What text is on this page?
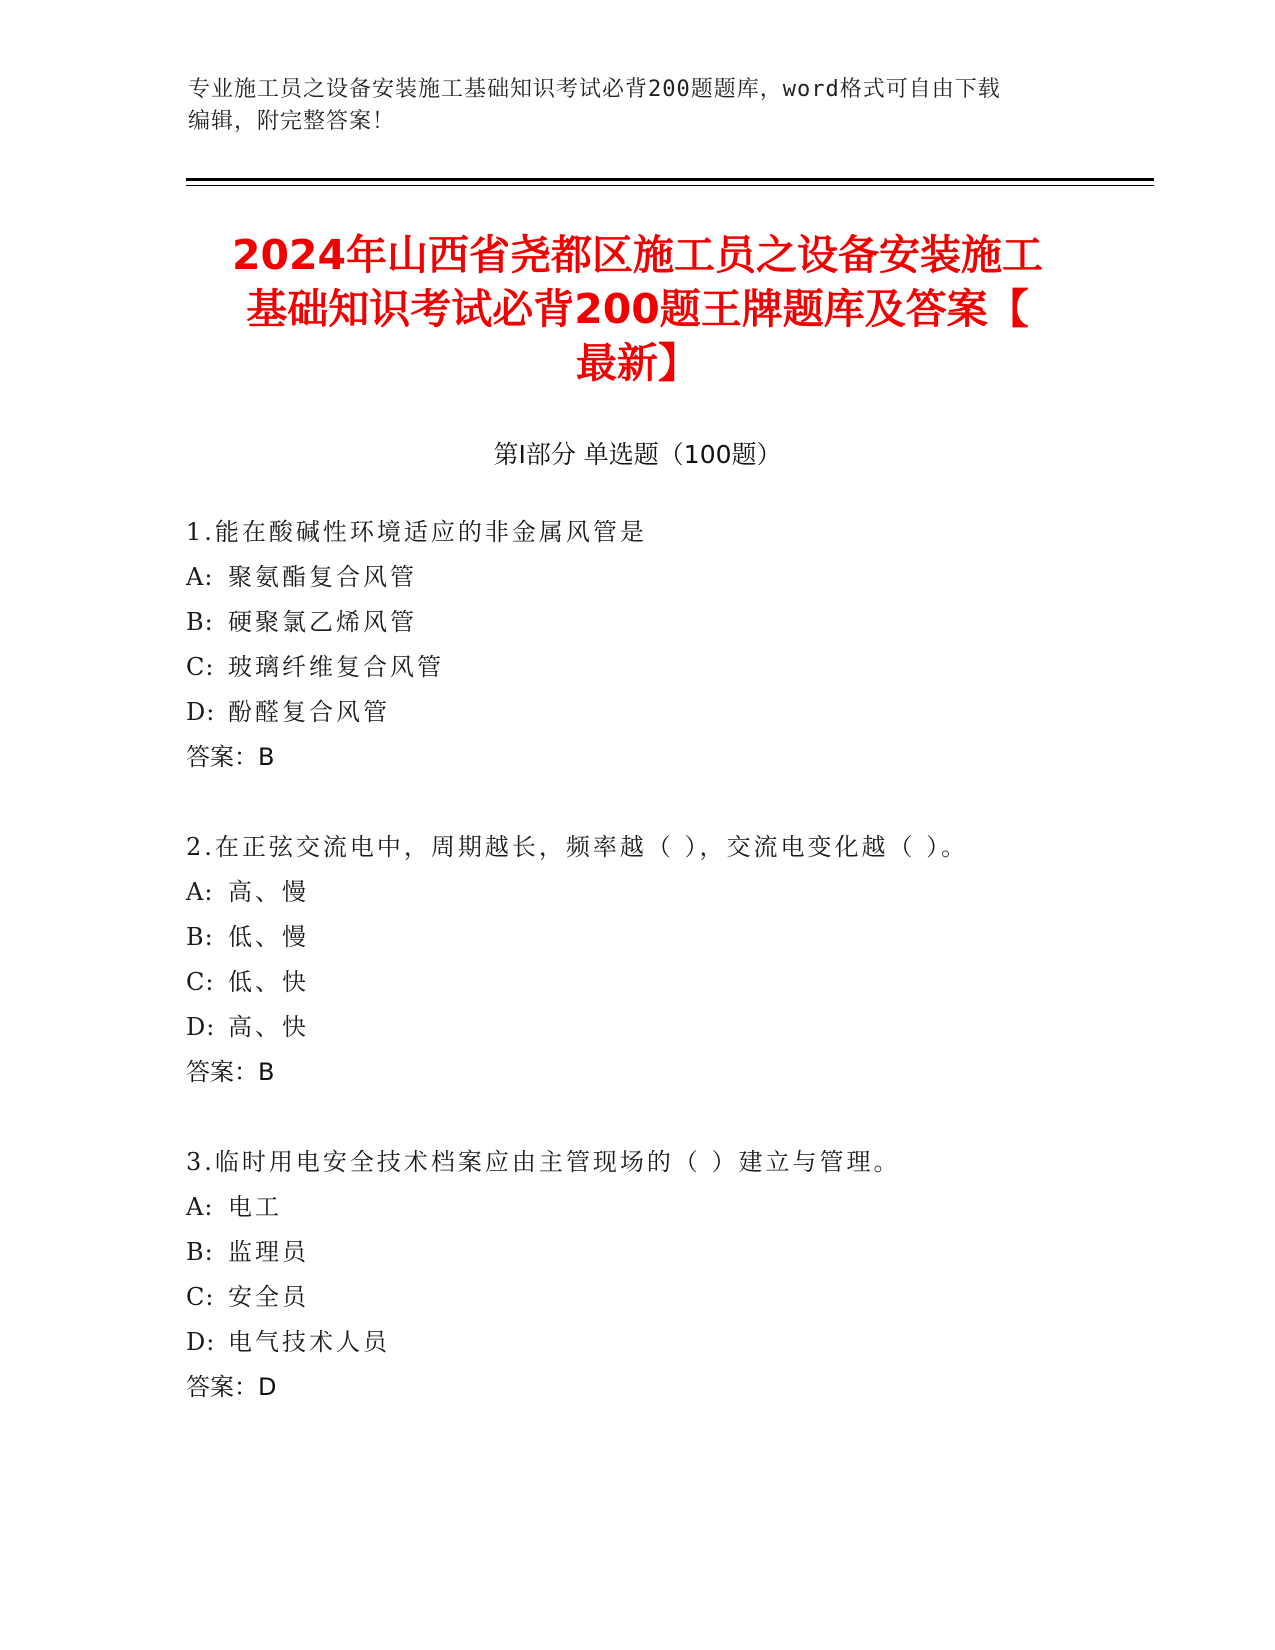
专业施工员之设备安装施工基础知识考试必背200题题库，word格式可自由下载
编辑，附完整答案！
2024年山西省尧都区施工员之设备安装施工
基础知识考试必背200题王牌题库及答案【
最新】
第Ⅰ部分 单选题（100题）
1.能在酸碱性环境适应的非金属风管是
A: 聚氨酯复合风管
B: 硬聚氯乙烯风管
C: 玻璃纤维复合风管
D: 酚醛复合风管
答案：B
2.在正弦交流电中，周期越长，频率越（ ），交流电变化越（ ）。
A: 高、慢
B: 低、慢
C: 低、快
D: 高、快
答案：B
3.临时用电安全技术档案应由主管现场的（ ）建立与管理。
A: 电工
B: 监理员
C: 安全员
D: 电气技术人员
答案：D
